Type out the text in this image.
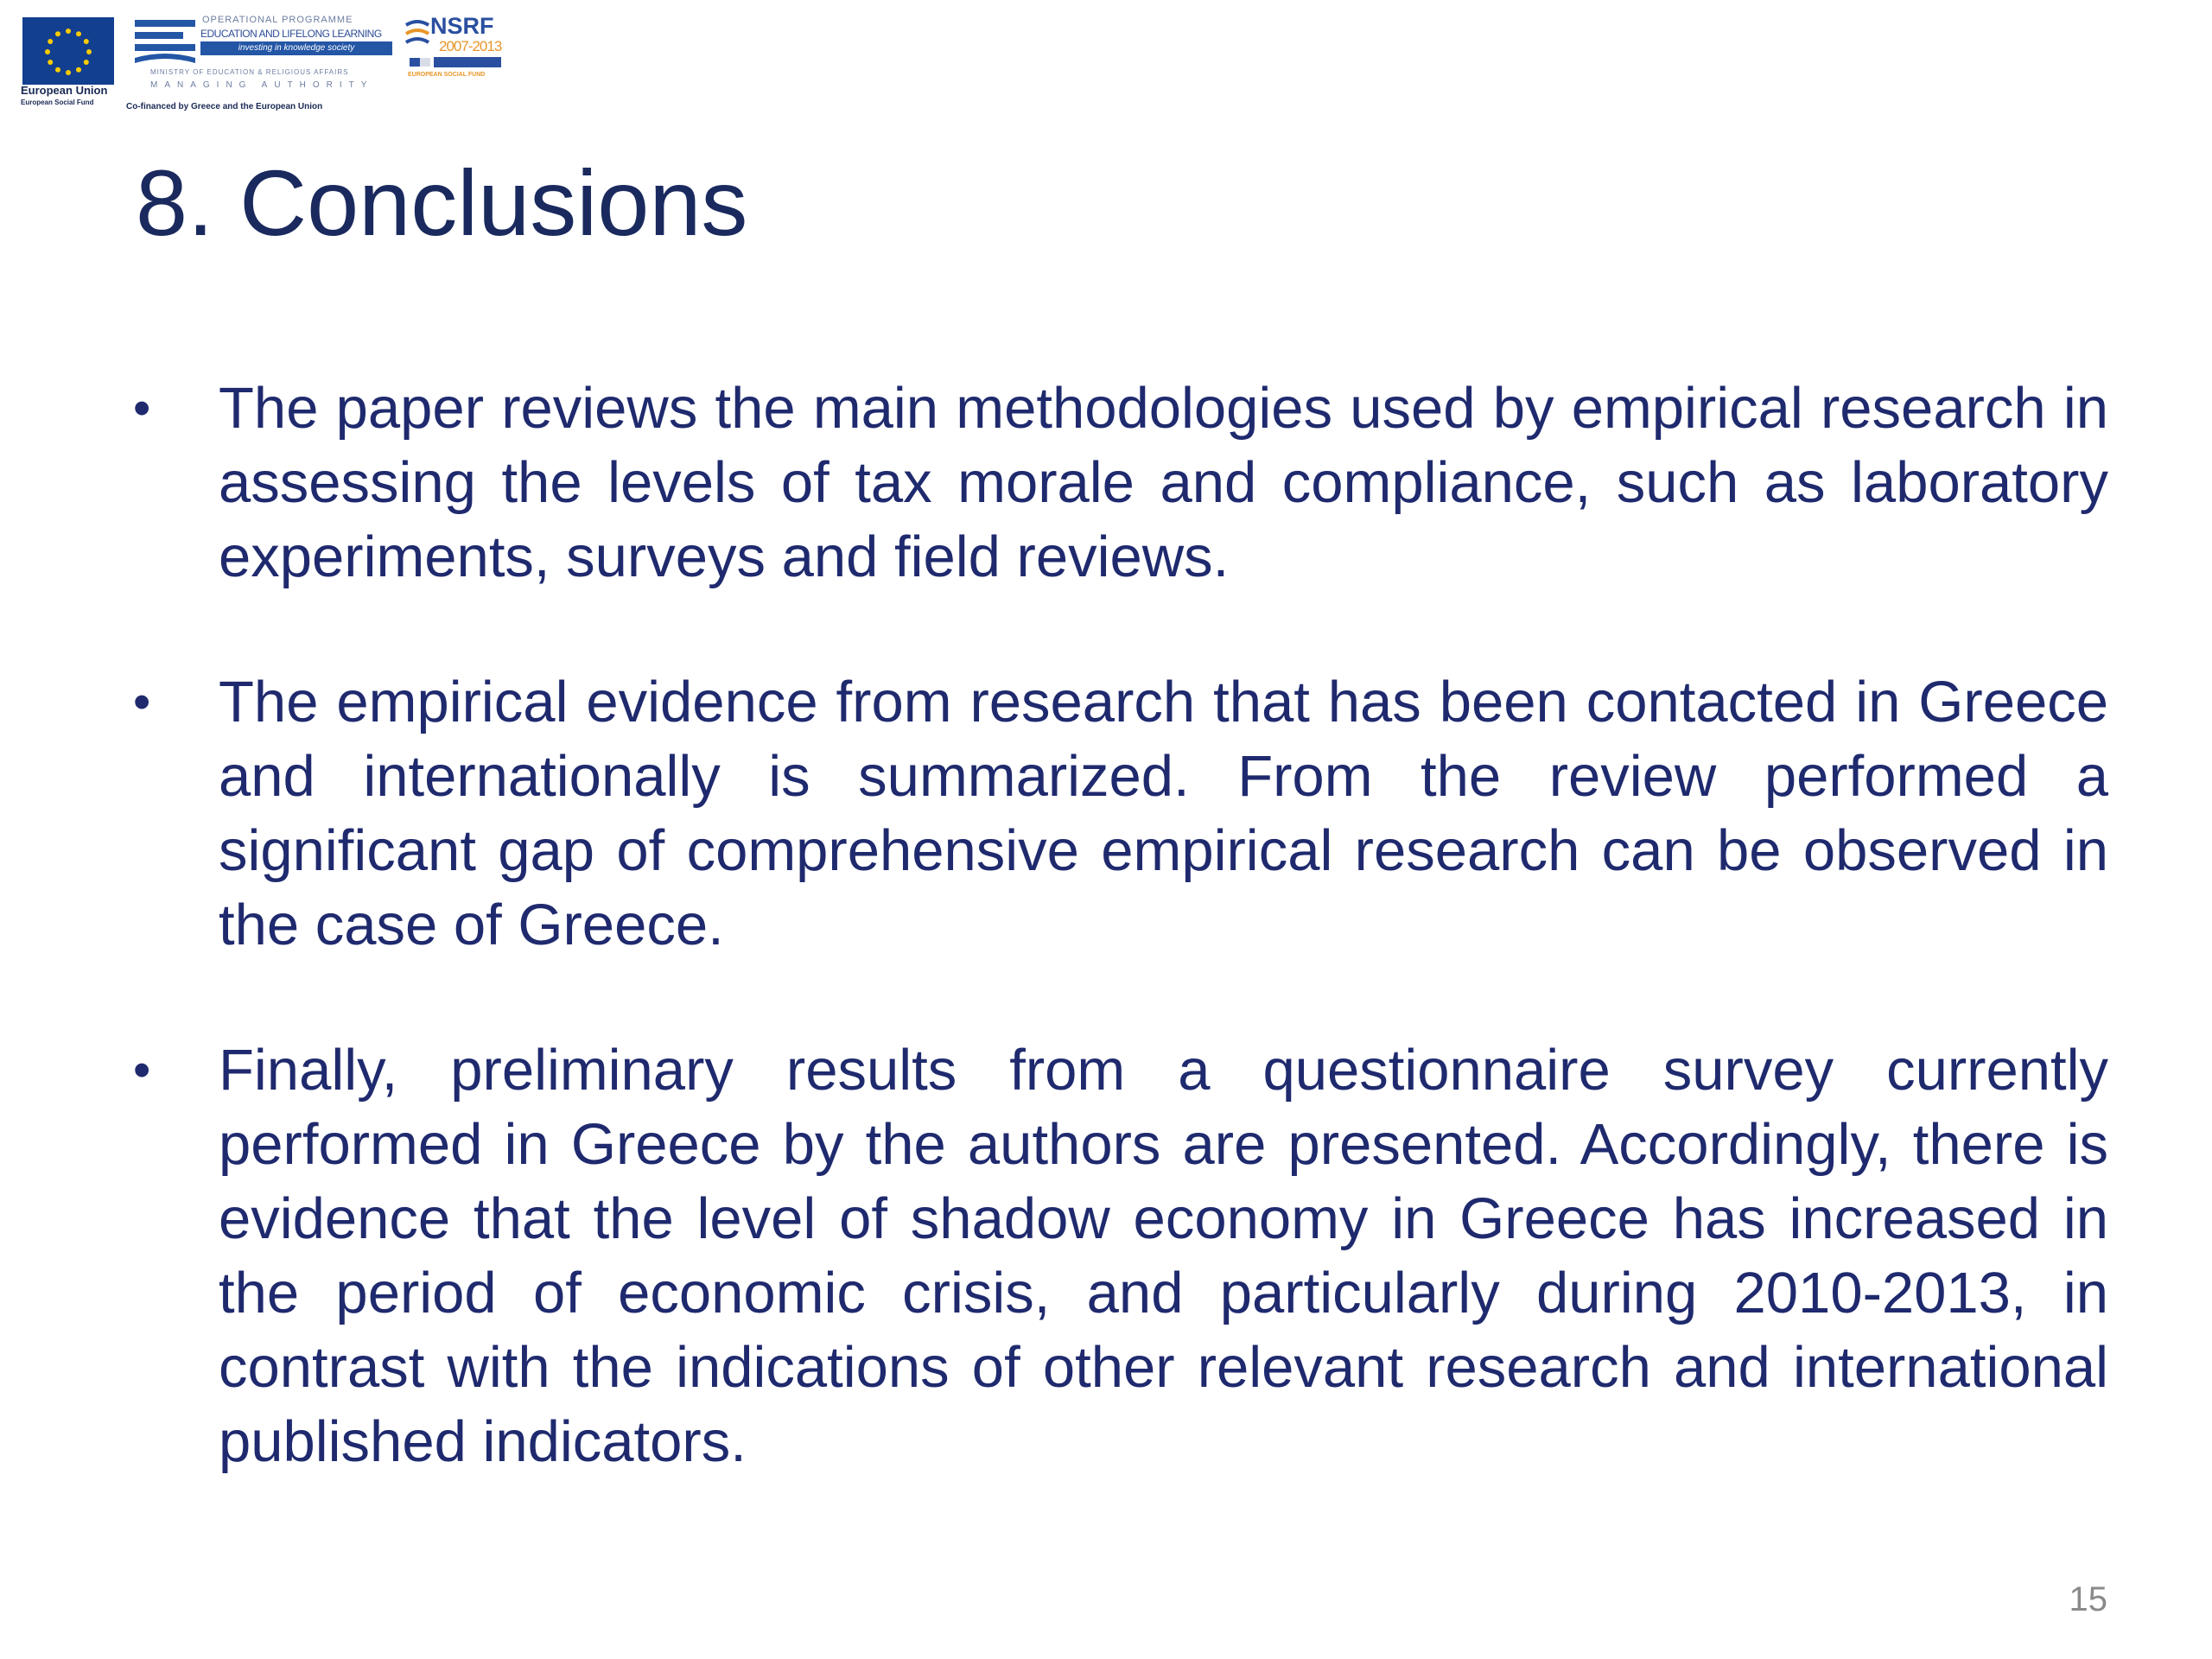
European Union
European Social Fund
OPERATIONAL PROGRAMME
EDUCATION AND LIFELONG LEARNING
investing in knowledge society
MINISTRY OF EDUCATION & RELIGIOUS AFFAIRS
MANAGING AUTHORITY
Co-financed by Greece and the European Union
NSRF
2007-2013
EUROPEAN SOCIAL FUND
8. Conclusions
• The paper reviews the main methodologies used by empirical research in assessing the levels of tax morale and compliance, such as laboratory experiments, surveys and field reviews.
• The empirical evidence from research that has been contacted in Greece and internationally is summarized. From the review performed a significant gap of comprehensive empirical research can be observed in the case of Greece.
• Finally, preliminary results from a questionnaire survey currently performed in Greece by the authors are presented. Accordingly, there is evidence that the level of shadow economy in Greece has increased in the period of economic crisis, and particularly during 2010-2013, in contrast with the indications of other relevant research and international published indicators.
15
